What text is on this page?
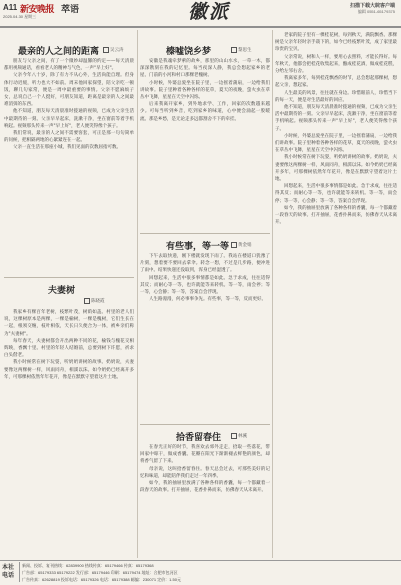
A11 新安晚报 萃语
2025.04.30 星期三	徽派	扫描下载大皖客户端
编辑 0551-65179375
最亲的人之间的距离	吴云涛

朋友与父亲之间，有了一个微妙却温馨的约定——每天清晨都用视频通话，看看老人的精神与气色，一声"早上好"。

父亲今年八十岁，除了有力不从心外，生活尚能自理。但身体行动迟缓，听力也大不如前。周末他回家探望，陪父亲吃一顿饭，聊几句家常，便是一周中最重要的事情。父亲不愿麻烦子女，总说自己一个人挺好，可朋友知道，距离是最亲的人之间最难消弭的东西。

他不知道，朋友每天清晨准时拨通的视频，已成为父亲生活中最期待的一刻。父亲早早起床，洗漱干净，坐在窗前等着手机响起。视频那头传来一声"早上好"，老人便笑得像个孩子。

我们常说，最亲的人之间不需要客套，可正是那一句句简单的问候，把相隔两地的心紧紧连在一起。

父亲一直生活在那座小城，我们见面的次数屈指可数。

夫妻树
陈晓霞

我家乡有棵百年老树，枝繁叶茂，树荫如盖。村里的老人们说，这棵树原本是两棵，一棵是榆树，一棵是槐树，它们生长在一起，根须交缠，枝叶相依，天长日久便合为一体，被乡亲们称为"夫妻树"。

每年春天，夫妻树都会开出两种不同的花，榆钱与槐花交相辉映，香飘十里。村里的年轻人结婚前，总要到树下许愿，祈求白头偕老。

我小时候常在树下玩耍，听奶奶讲树的故事。奶奶说，夫妻要像这两棵树一样，风雨同舟，相濡以沫。如今奶奶已经离开多年，可那棵树依然年年花开，像是在默默守望着这片土地。

榛嘘饶乡梦	黎思生

安徽是我魂牵梦萦的故乡，那里的山山水水，一草一木，都深深镌刻在我的记忆里。每当夜深人静，我总会想起家乡的老屋、门前的小河和村口那棵老槐树。

小时候，外婆总爱坐在院子里，一边摇着蒲扇，一边给我们讲故事。院子里种着各种各样的花草，夏天的夜晚，萤火虫在草丛中飞舞，星星在天空中闪烁。

后来我离开家乡，到外地求学、工作，回家的次数越来越少。可每当听到乡音，吃到家乡的味道，心中便会涌起一股暖流。那是乡愁，是无论走多远都割舍不下的牵挂。

有些事，等一等	黄金娟

下午去取快递，刚下楼就发现下雨了。我站在楼道口犹豫了片刻，想着要不要回去拿伞。转念一想，不过是几步路，便冲进了雨中。结果快递还没取到，浑身已经湿透了。

回想起来，生活中很多事情都是如此。急于求成，往往适得其反；而耐心等一等，也许就能等来转机。等一等，雨会停；等一等，心会静；等一等，答案自会浮现。

人生路漫漫，何必事事争先。有些事，等一等，反而更好。

拾香留春住	林溪

在春光正好的时节，我喜欢去郊外走走，拾取一些落花，带回家中晾干，做成香囊。花瓣在阳光下渐渐褪去鲜艳的颜色，却将香气留了下来。

母亲说，这叫拾香留春住。春天总会过去，可那些美好的记忆和味道，却能陪伴我们走过一年四季。

如今，我的抽屉里放满了各种各样的香囊，每一个都藏着一段春天的故事。打开抽屉，花香扑鼻而来，仿佛春天从未离开。

老家的院子里有一棵桂花树，每到秋天，满院飘香。那棵树是父亲年轻时亲手栽下的，如今已经枝繁叶茂，成了家里最珍贵的宝贝。

父亲常说，树和人一样，要用心去照料，才能长得好。每年秋天，他都会把桂花收集起来，酿成桂花酒，做成桂花糕，分给左邻右舍。

我离家多年，每到桂花飘香的时节，总会想起那棵树，想起父亲，想起家。

人生最美的风景，往往就在身边。珍惜眼前人，珍惜当下的每一天，便是对生活最好的回应。

他不知道，朋友每天清晨准时拨通的视频，已成为父亲生活中最期待的一刻。父亲早早起床，洗漱干净，坐在窗前等着手机响起。视频那头传来一声"早上好"，老人便笑得像个孩子。

小时候，外婆总爱坐在院子里，一边摇着蒲扇，一边给我们讲故事。院子里种着各种各样的花草，夏天的夜晚，萤火虫在草丛中飞舞，星星在天空中闪烁。

我小时候常在树下玩耍，听奶奶讲树的故事。奶奶说，夫妻要像这两棵树一样，风雨同舟，相濡以沫。如今奶奶已经离开多年，可那棵树依然年年花开，像是在默默守望着这片土地。

回想起来，生活中很多事情都是如此。急于求成，往往适得其反；而耐心等一等，也许就能等来转机。等一等，雨会停；等一等，心会静；等一等，答案自会浮现。

如今，我的抽屉里放满了各种各样的香囊，每一个都藏着一段春天的故事。打开抽屉，花香扑鼻而来，仿佛春天从未离开。

本社电话
新闻、投诉、复刊热线：62839900 热线传真：65179466 传真：65179368
广告部：65179333 65179222 发行部：65179446 印刷：65179474 地址：合肥市包河区
广告传真：62628819 投诉电话：65179326 电话：65179388 邮编：230071 定价：1.50元
